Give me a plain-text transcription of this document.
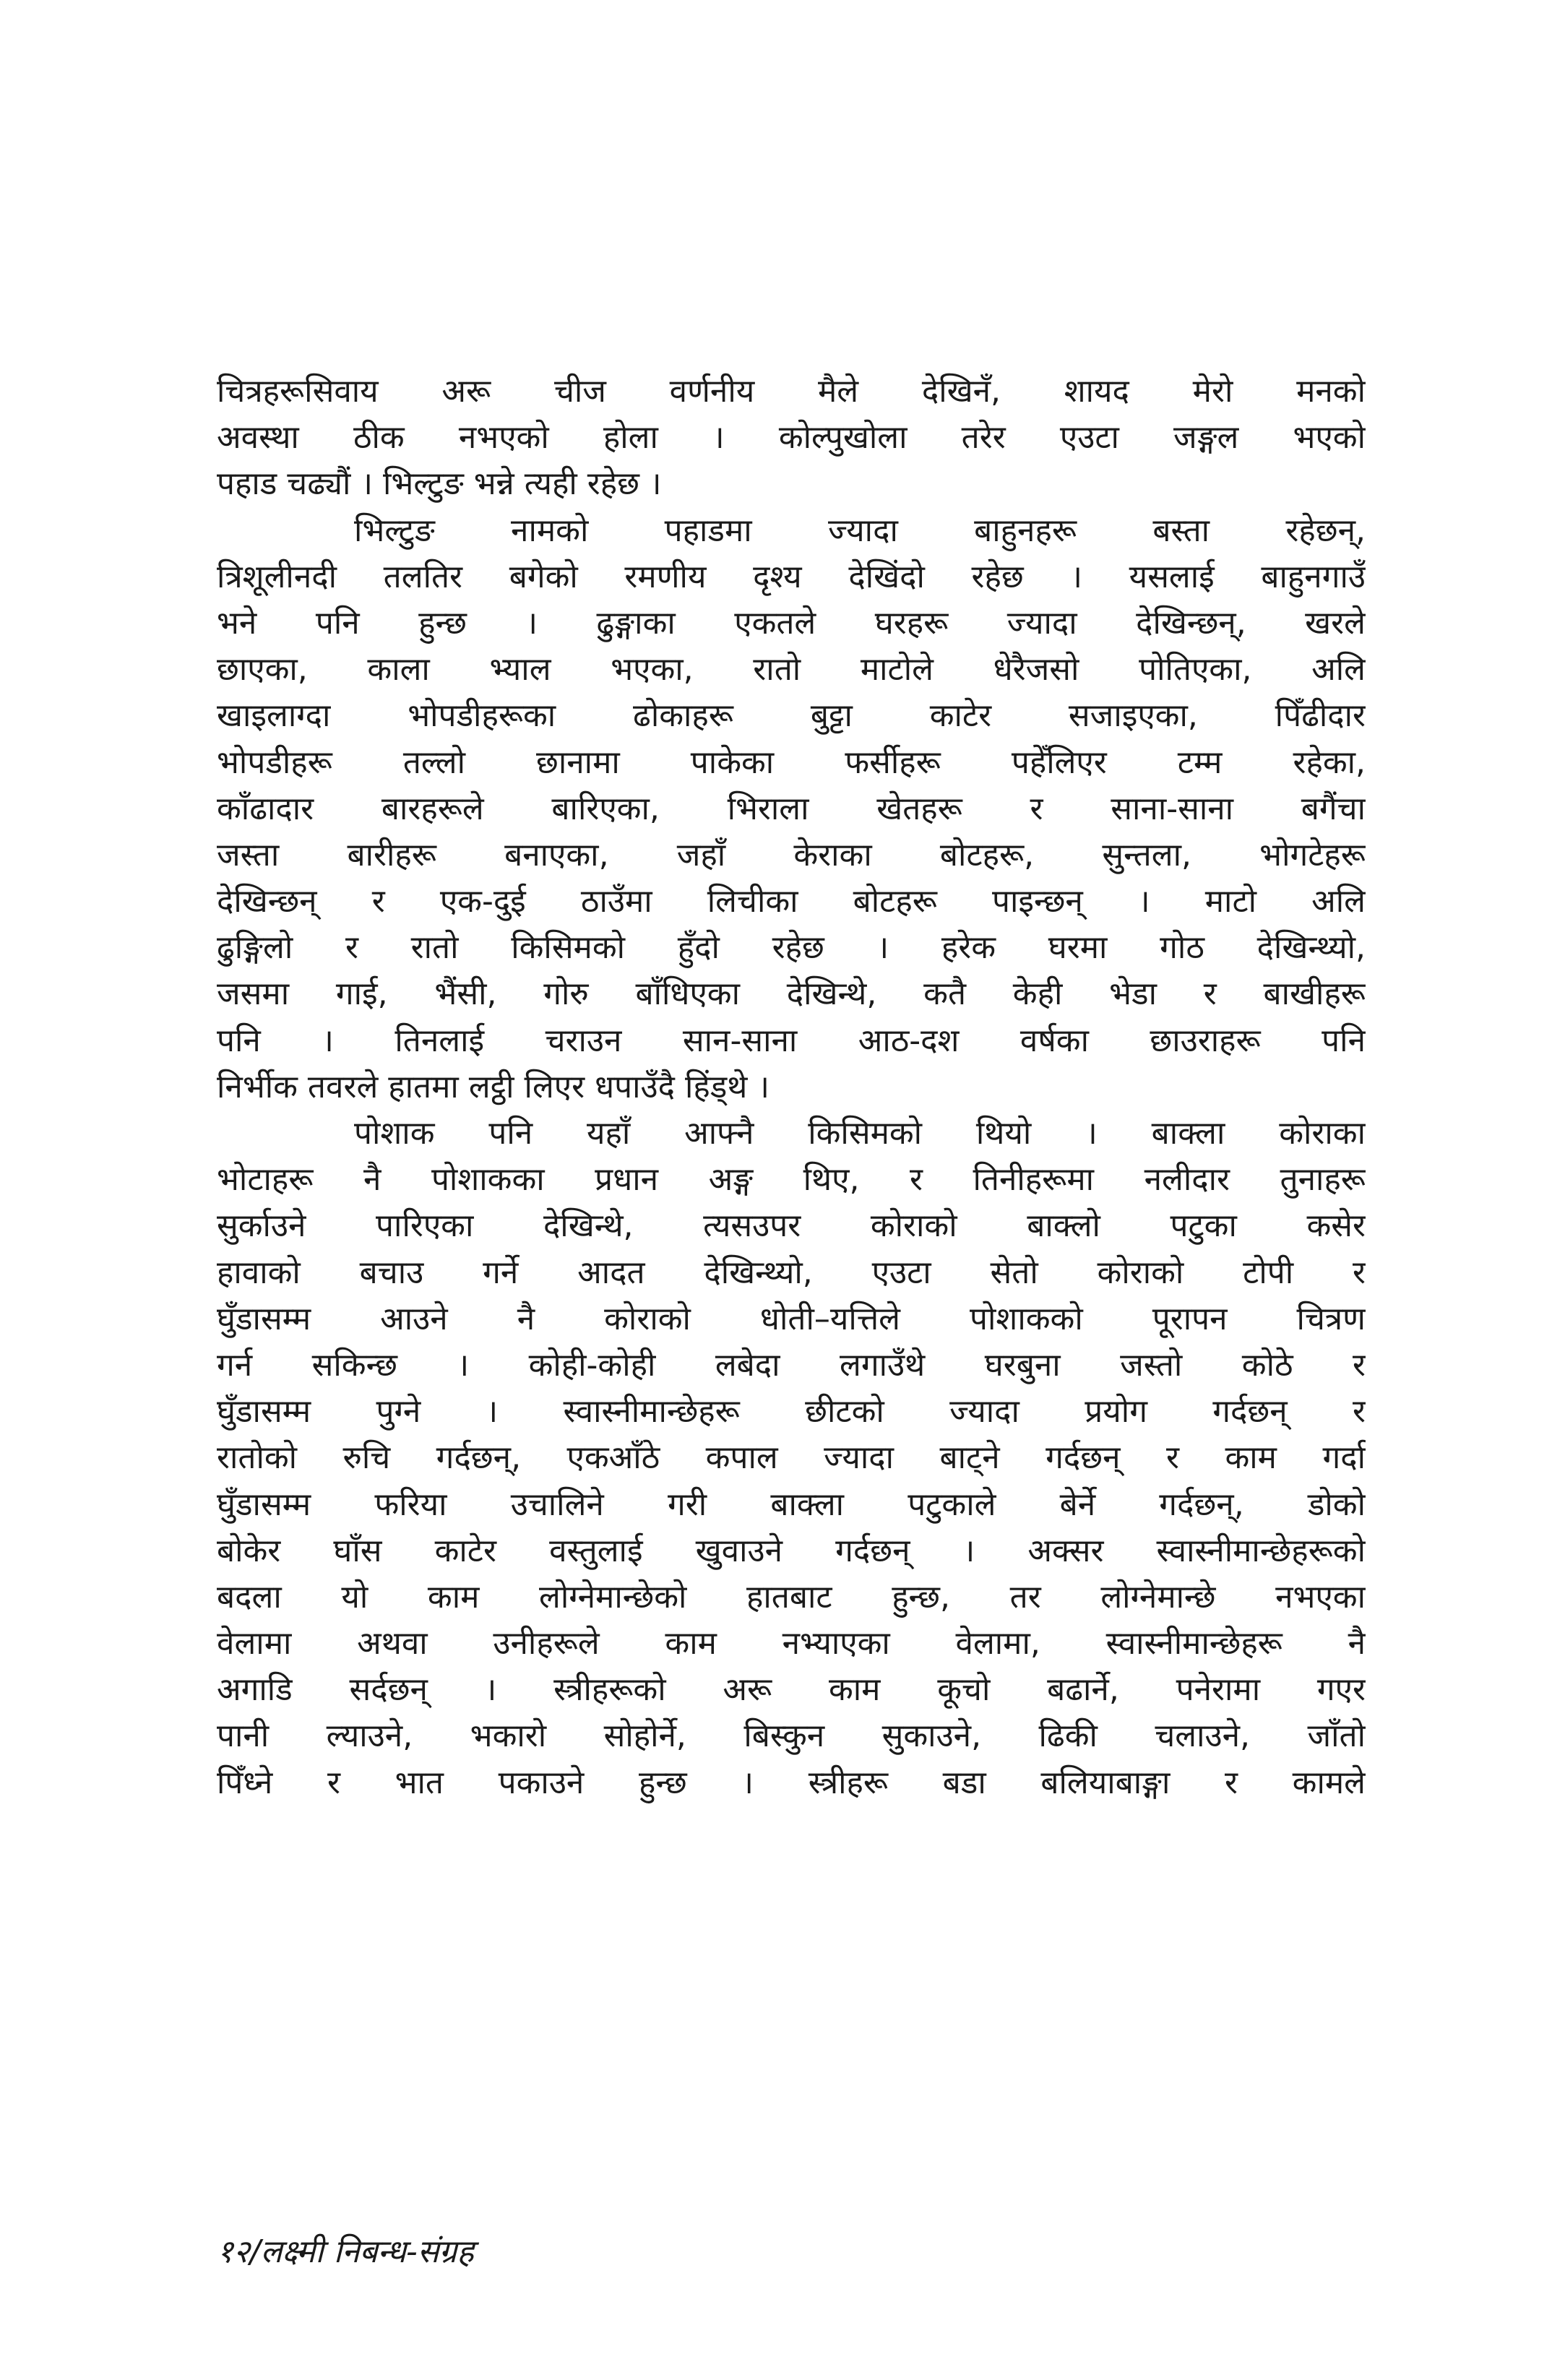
चित्रहरूसिवाय अरू चीज वर्णनीय मैले देखिनँ, शायद मेरो मनको
अवस्था ठीक नभएको होला । कोल्पुखोला तरेर एउटा जङ्गल भएको
पहाड चढ्यौं । भिल्टुङ भन्ने त्यही रहेछ ।
भिल्टुङ नामको पहाडमा ज्यादा बाहुनहरू बस्ता रहेछन्,
त्रिशूलीनदी तलतिर बगेको रमणीय दृश्य देखिंदो रहेछ । यसलाई बाहुनगाउँ
भने पनि हुन्छ । ढुङ्गाका एकतले घरहरू ज्यादा देखिन्छन्, खरले
छाएका, काला भ्याल भएका, रातो माटोले धेरैजसो पोतिएका, अलि
खाइलाग्दा भोपडीहरूका ढोकाहरू बुट्टा काटेर सजाइएका, पिँढीदार
भोपडीहरू तल्लो छानामा पाकेका फर्सीहरू पहेँलिएर टम्म रहेका,
काँढादार बारहरूले बारिएका, भिराला खेतहरू र साना-साना बगैंचा
जस्ता बारीहरू बनाएका, जहाँ केराका बोटहरू, सुन्तला, भोगटेहरू
देखिन्छन् र एक-दुई ठाउँमा लिचीका बोटहरू पाइन्छन् । माटो अलि
ढुङ्गिलो र रातो किसिमको हुँदो रहेछ । हरेक घरमा गोठ देखिन्थ्यो,
जसमा गाई, भैंसी, गोरु बाँधिएका देखिन्थे, कतै केही भेडा र बाखीहरू
पनि । तिनलाई चराउन सान-साना आठ-दश वर्षका छाउराहरू पनि
निर्भीक तवरले हातमा लट्ठी लिएर धपाउँदै हिंड्थे ।
पोशाक पनि यहाँ आफ्नै किसिमको थियो । बाक्ला कोराका
भोटाहरू नै पोशाकका प्रधान अङ्ग थिए, र तिनीहरूमा नलीदार तुनाहरू
सुर्काउने पारिएका देखिन्थे, त्यसउपर कोराको बाक्लो पटुका कसेर
हावाको बचाउ गर्ने आदत देखिन्थ्यो, एउटा सेतो कोराको टोपी र
घुँडासम्म आउने नै कोराको धोती–यत्तिले पोशाकको पूरापन चित्रण
गर्न सकिन्छ । कोही-कोही लबेदा लगाउँथे घरबुना जस्तो कोठे र
घुँडासम्म पुग्ने । स्वास्नीमान्छेहरू छीटको ज्यादा प्रयोग गर्दछन् र
रातोको रुचि गर्दछन्, एकआँठे कपाल ज्यादा बाट्ने गर्दछन् र काम गर्दा
घुँडासम्म फरिया उचालिने गरी बाक्ला पटुकाले बेर्ने गर्दछन्, डोको
बोकेर घाँस काटेर वस्तुलाई खुवाउने गर्दछन् । अक्सर स्वास्नीमान्छेहरूको
बदला यो काम लोग्नेमान्छेको हातबाट हुन्छ, तर लोग्नेमान्छे नभएका
वेलामा अथवा उनीहरूले काम नभ्याएका वेलामा, स्वास्नीमान्छेहरू नै
अगाडि सर्दछन् । स्त्रीहरूको अरू काम कूचो बढार्ने, पनेरामा गएर
पानी ल्याउने, भकारो सोहोर्ने, बिस्कुन सुकाउने, ढिकी चलाउने, जाँतो
पिँध्ने र भात पकाउने हुन्छ । स्त्रीहरू बडा बलियाबाङ्गा र कामले
१२/लक्ष्मी निबन्ध-संग्रह
